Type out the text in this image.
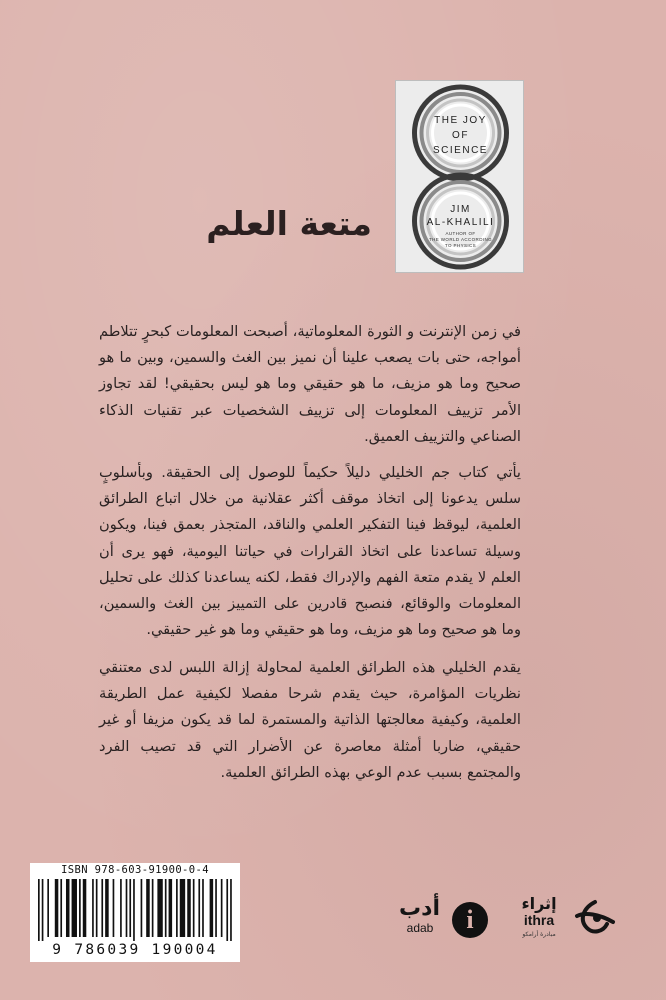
THE JOY
OF
SCIENCE
JIM
AL-KHALILI
AUTHOR OF
THE WORLD ACCORDING
TO PHYSICS
متعة العلم

في زمن الإنترنت و الثورة المعلوماتية، أصبحت المعلومات كبحرٍ تتلاطم أمواجه، حتى بات يصعب علينا أن نميز بين الغث والسمين، وبين ما هو صحيح وما هو مزيف، ما هو حقيقي وما هو ليس بحقيقي! لقد تجاوز الأمر تزييف المعلومات إلى تزييف الشخصيات عبر تقنيات الذكاء الصناعي والتزييف العميق.

يأتي كتاب جم الخليلي دليلاً حكيماً للوصول إلى الحقيقة. وبأسلوبٍ سلس يدعونا إلى اتخاذ موقف أكثر عقلانية من خلال اتباع الطرائق العلمية، ليوقظ فينا التفكير العلمي والناقد، المتجذر بعمق فينا، ويكون وسيلة تساعدنا على اتخاذ القرارات في حياتنا اليومية، فهو يرى أن العلم لا يقدم متعة الفهم والإدراك فقط، لكنه يساعدنا كذلك على تحليل المعلومات والوقائع، فنصبح قادرين على التمييز بين الغث والسمين، وما هو صحيح وما هو مزيف، وما هو حقيقي وما هو غير حقيقي.

يقدم الخليلي هذه الطرائق العلمية لمحاولة إزالة اللبس لدى معتنقي نظريات المؤامرة، حيث يقدم شرحا مفصلا لكيفية عمل الطريقة العلمية، وكيفية معالجتها الذاتية والمستمرة لما قد يكون مزيفا أو غير حقيقي، ضاربا أمثلة معاصرة عن الأضرار التي قد تصيب الفرد والمجتمع بسبب عدم الوعي بهذه الطرائق العلمية.

ISBN 978-603-91900-0-4
9 786039 190004
أدب
adab	i
إثراء
ithra
مبادرة أرامكو
